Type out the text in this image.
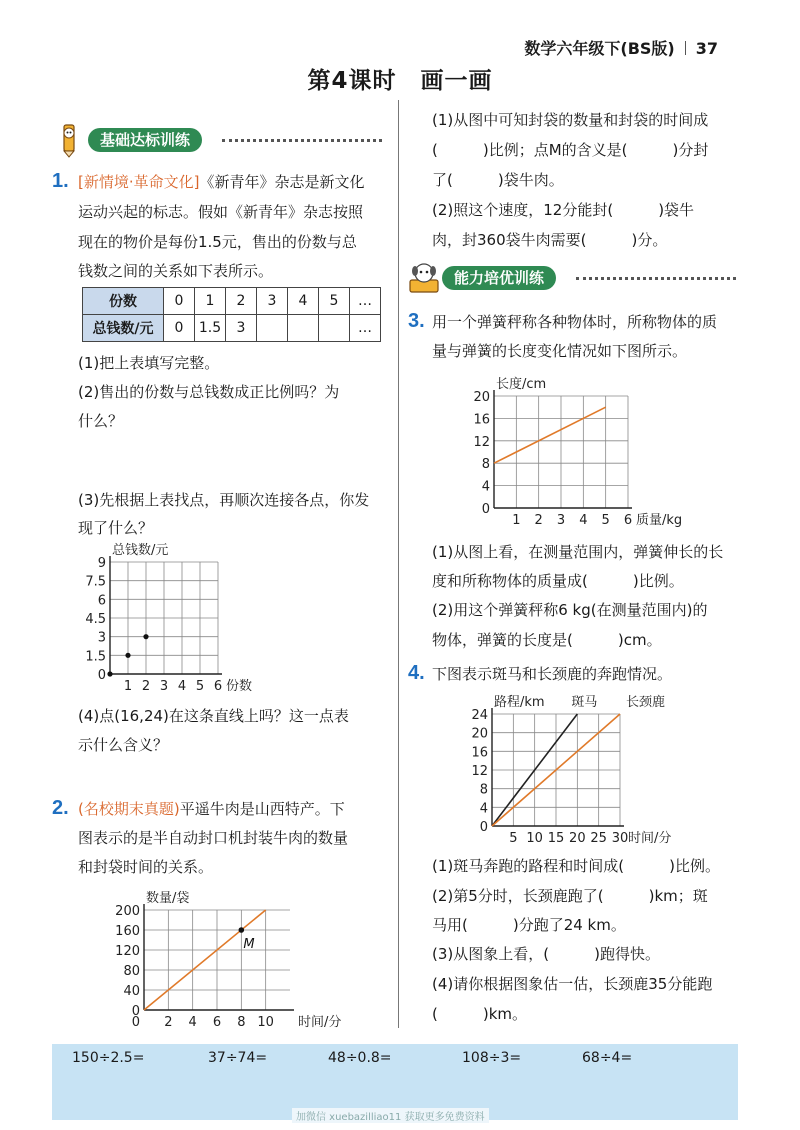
数学六年级下(BS版) 37
第4课时　画一画
基础达标训练
1. [新情境·革命文化]《新青年》杂志是新文化
运动兴起的标志。假如《新青年》杂志按照
现在的物价是每份1.5元，售出的份数与总
钱数之间的关系如下表所示。
份数	0	1	2	3	4	5	…
总钱数/元	0	1.5	3				…
(1)把上表填写完整。
(2)售出的份数与总钱数成正比例吗？为
什么？
(3)先根据上表找点，再顺次连接各点，你发
现了什么？
1 2 3 4 5 6
0
1.5
3
4.5
6
7.5
9
总钱数/元
份数
(4)点(16,24)在这条直线上吗？这一点表
示什么含义？
2. (名校期末真题)平遥牛肉是山西特产。下
图表示的是半自动封口机封装牛肉的数量
和封袋时间的关系。
2 4 6 8 10
0
40
80
120
160
200
0
数量/袋
时间/分
M
(1)从图中可知封袋的数量和封袋的时间成
(　　　)比例；点M的含义是(　　　)分封
了(　　　)袋牛肉。
(2)照这个速度，12分能封(　　　)袋牛
肉，封360袋牛肉需要(　　　)分。
能力培优训练
3. 用一个弹簧秤称各种物体时，所称物体的质
量与弹簧的长度变化情况如下图所示。
1 2 3 4 5 6
0
4
8
12
16
20
长度/cm
质量/kg
(1)从图上看，在测量范围内，弹簧伸长的长
度和所称物体的质量成(　　　)比例。
(2)用这个弹簧秤称6 kg(在测量范围内)的
物体，弹簧的长度是(　　　)cm。
4. 下图表示斑马和长颈鹿的奔跑情况。
5 10 15 20 25 30
0
4
8
12
16
20
24
路程/km
时间/分
斑马 长颈鹿
(1)斑马奔跑的路程和时间成(　　　)比例。
(2)第5分时，长颈鹿跑了(　　　)km；斑
马用(　　　)分跑了24 km。
(3)从图象上看，(　　　)跑得快。
(4)请你根据图象估一估，长颈鹿35分能跑
(　　　)km。
150÷2.5=	37÷74=	48÷0.8=	108÷3=	68÷4=
加微信 xuebazilliao11 获取更多免费资料
